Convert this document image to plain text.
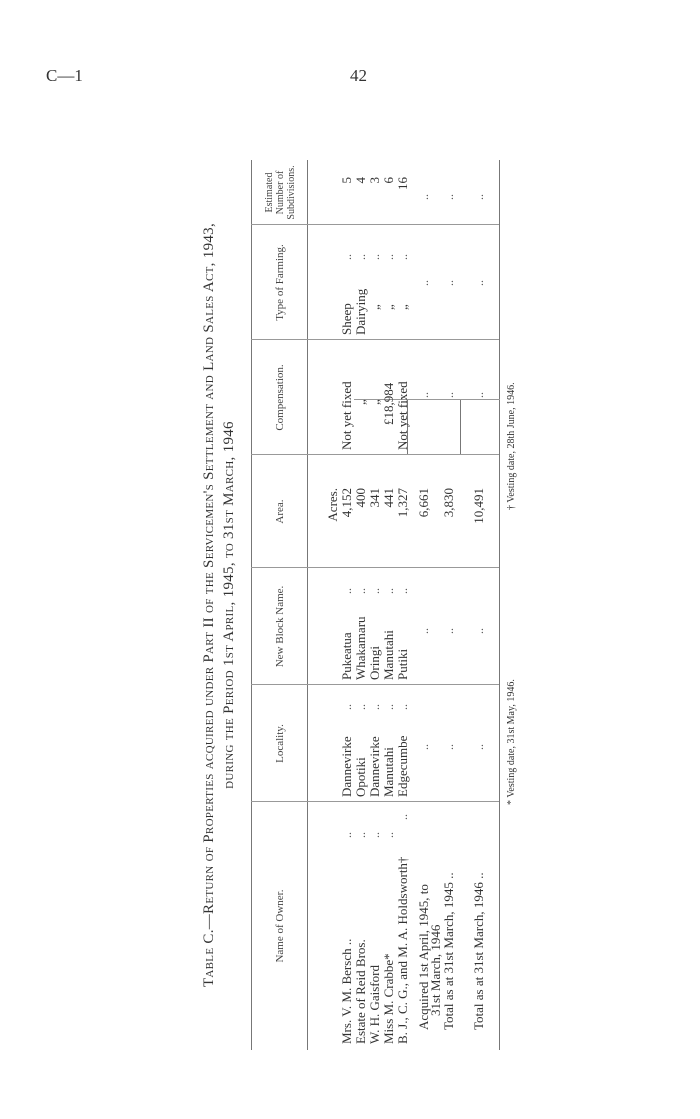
C—1	42
Table C.—Return of Properties acquired under Part II of the Servicemen's Settlement and Land Sales Act, 1943,
during the Period 1st April, 1945, to 31st March, 1946
Name of Owner.
Locality.
New Block Name.
Area.
Compensation.
Type of Farming.
Estimated Number of Subdivisions.
Acres.
Mrs. V. M. Bersch ..
..
Dannevirke
..
Pukeatua
..
4,152
Not yet fixed
Sheep
..
5
Estate of Reid Bros.
..
Opotiki
..
Whakamaru
..
400
„
Dairying
..
4
W. H. Gaisford
..
Dannevirke
..
Oringi
..
341
„
„
..
3
Miss M. Crabbe*
..
Manutahi
..
Manutahi
..
441
£18,984
„
..
6
B. J., C. G., and M. A. Holdsworth†
..
Edgecumbe
..
Putiki
..
1,327
Not yet fixed
„
..
16
Acquired 1st April, 1945, to
31st March, 1946
..
..
6,661
..
..
..
Total as at 31st March, 1945 ..
..
..
3,830
..
..
..
Total as at 31st March, 1946 ..
..
..
10,491
..
..
..
* Vesting date, 31st May, 1946.
† Vesting date, 28th June, 1946.
